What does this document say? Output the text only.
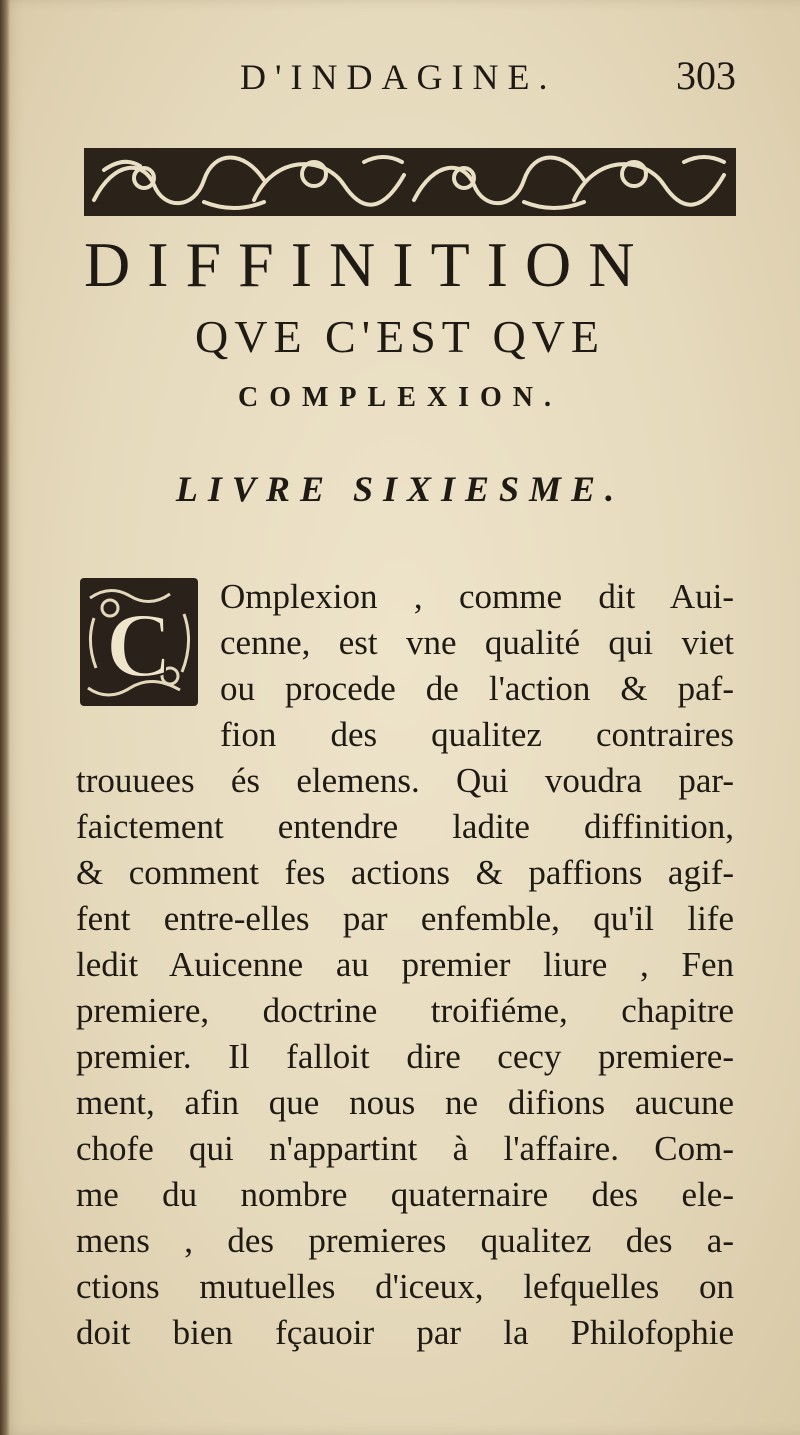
D'INDAGINE.	303
DIFFINITION
QVE C'EST QVE
COMPLEXION.
LIVRE SIXIESME.
C Omplexion , comme dit Aui-
cenne, est vne qualité qui viet
ou procede de l'action & paf-
fion des qualitez contraires
trouuees és elemens. Qui voudra par-
faictement entendre ladite diffinition,
& comment fes actions & paffions agif-
fent entre-elles par enfemble, qu'il life
ledit Auicenne au premier liure , Fen
premiere, doctrine troifiéme, chapitre
premier. Il falloit dire cecy premiere-
ment, afin que nous ne difions aucune
chofe qui n'appartint à l'affaire. Com-
me du nombre quaternaire des ele-
mens , des premieres qualitez des a-
ctions mutuelles d'iceux, lefquelles on
doit bien fçauoir par la Philofophie
